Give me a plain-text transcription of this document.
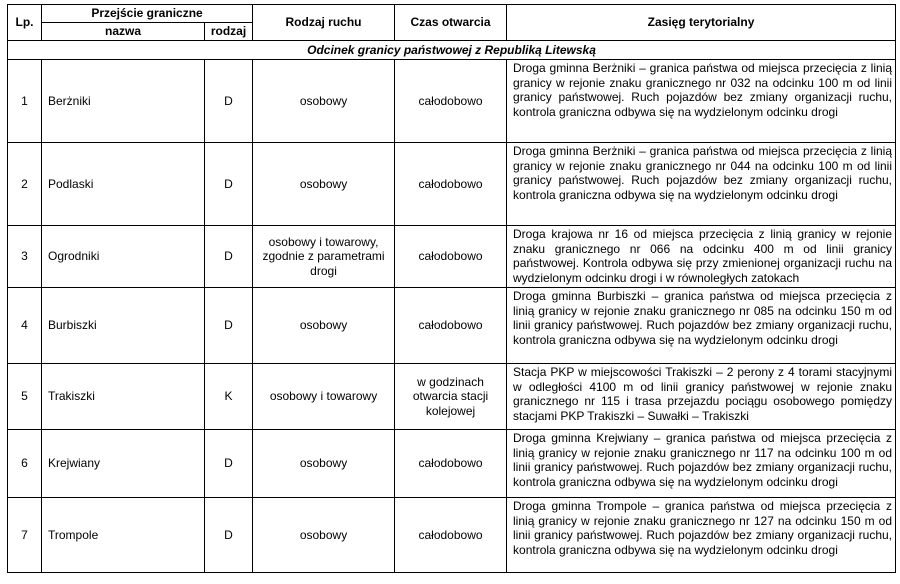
Lp.	Przejście graniczne		Rodzaj ruchu	Czas otwarcia	Zasięg terytorialny
	nazwa	rodzaj			
Odcinek granicy państwowej z Republiką Litewską					
1	Berżniki	D	osobowy	całodobowo	Droga gminna Berżniki – granica państwa od miejsca przecięcia z linią granicy w rejonie znaku granicznego nr 032 na odcinku 100 m od linii granicy państwowej. Ruch pojazdów bez zmiany organizacji ruchu, kontrola graniczna odbywa się na wydzielonym odcinku drogi
2	Podlaski	D	osobowy	całodobowo	Droga gminna Berżniki – granica państwa od miejsca przecięcia z linią granicy w rejonie znaku granicznego nr 044 na odcinku 100 m od linii granicy państwowej. Ruch pojazdów bez zmiany organizacji ruchu, kontrola graniczna odbywa się na wydzielonym odcinku drogi
3	Ogrodniki	D	osobowy i towarowy, zgodnie z parametrami drogi	całodobowo	Droga krajowa nr 16 od miejsca przecięcia z linią granicy w rejonie znaku granicznego nr 066 na odcinku 400 m od linii granicy państwowej. Kontrola odbywa się przy zmienionej organizacji ruchu na wydzielonym odcinku drogi i w równoległych zatokach
4	Burbiszki	D	osobowy	całodobowo	Droga gminna Burbiszki – granica państwa od miejsca przecięcia z linią granicy w rejonie znaku granicznego nr 085 na odcinku 150 m od linii granicy państwowej. Ruch pojazdów bez zmiany organizacji ruchu, kontrola graniczna odbywa się na wydzielonym odcinku drogi
5	Trakiszki	K	osobowy i towarowy	w godzinach otwarcia stacji kolejowej	Stacja PKP w miejscowości Trakiszki – 2 perony z 4 torami stacyjnymi w odległości 4100 m od linii granicy państwowej w rejonie znaku granicznego nr 115 i trasa przejazdu pociągu osobowego pomiędzy stacjami PKP Trakiszki – Suwałki – Trakiszki
6	Krejwiany	D	osobowy	całodobowo	Droga gminna Krejwiany – granica państwa od miejsca przecięcia z linią granicy w rejonie znaku granicznego nr 117 na odcinku 100 m od linii granicy państwowej. Ruch pojazdów bez zmiany organizacji ruchu, kontrola graniczna odbywa się na wydzielonym odcinku drogi
7	Trompole	D	osobowy	całodobowo	Droga gminna Trompole – granica państwa od miejsca przecięcia z linią granicy w rejonie znaku granicznego nr 127 na odcinku 150 m od linii granicy państwowej. Ruch pojazdów bez zmiany organizacji ruchu, kontrola graniczna odbywa się na wydzielonym odcinku drogi
